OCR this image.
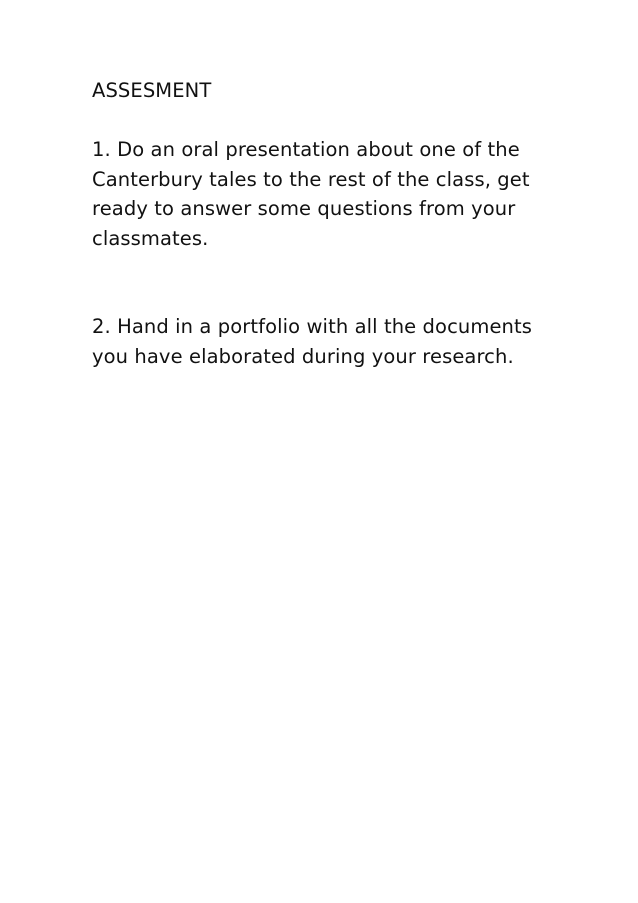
ASSESMENT
1. Do an oral presentation about one of the
Canterbury tales to the rest of the class, get
ready to answer some questions from your
classmates.
2. Hand in a portfolio with all the documents
you have elaborated during your research.
